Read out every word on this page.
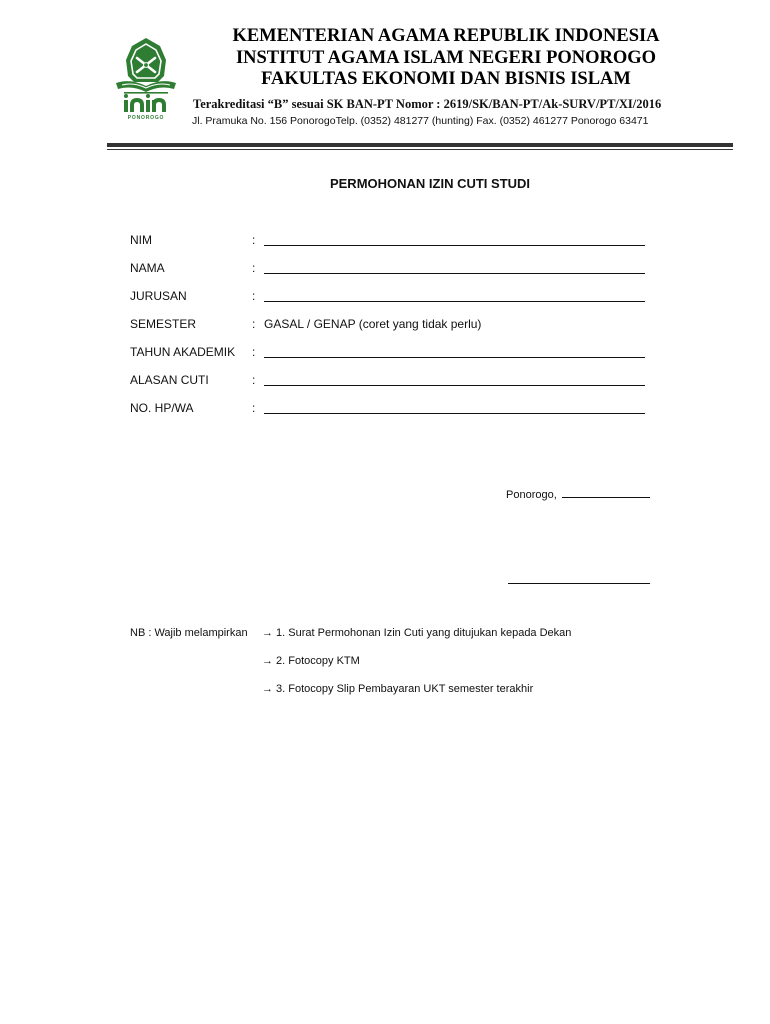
PONOROGO
KEMENTERIAN AGAMA REPUBLIK INDONESIA
INSTITUT AGAMA ISLAM NEGERI PONOROGO
FAKULTAS EKONOMI DAN BISNIS ISLAM
Terakreditasi “B” sesuai SK BAN-PT Nomor : 2619/SK/BAN-PT/Ak-SURV/PT/XI/2016
Jl. Pramuka No. 156 PonorogoTelp. (0352) 481277 (hunting) Fax. (0352) 461277 Ponorogo 63471
PERMOHONAN IZIN CUTI STUDI
NIM	:
NAMA	:
JURUSAN	:
SEMESTER	: GASAL / GENAP (coret yang tidak perlu)
TAHUN AKADEMIK :
ALASAN CUTI	:
NO. HP/WA	:
Ponorogo,
NB : Wajib melampirkan → 1. Surat Permohonan Izin Cuti yang ditujukan kepada Dekan
→ 2. Fotocopy KTM
→ 3. Fotocopy Slip Pembayaran UKT semester terakhir
